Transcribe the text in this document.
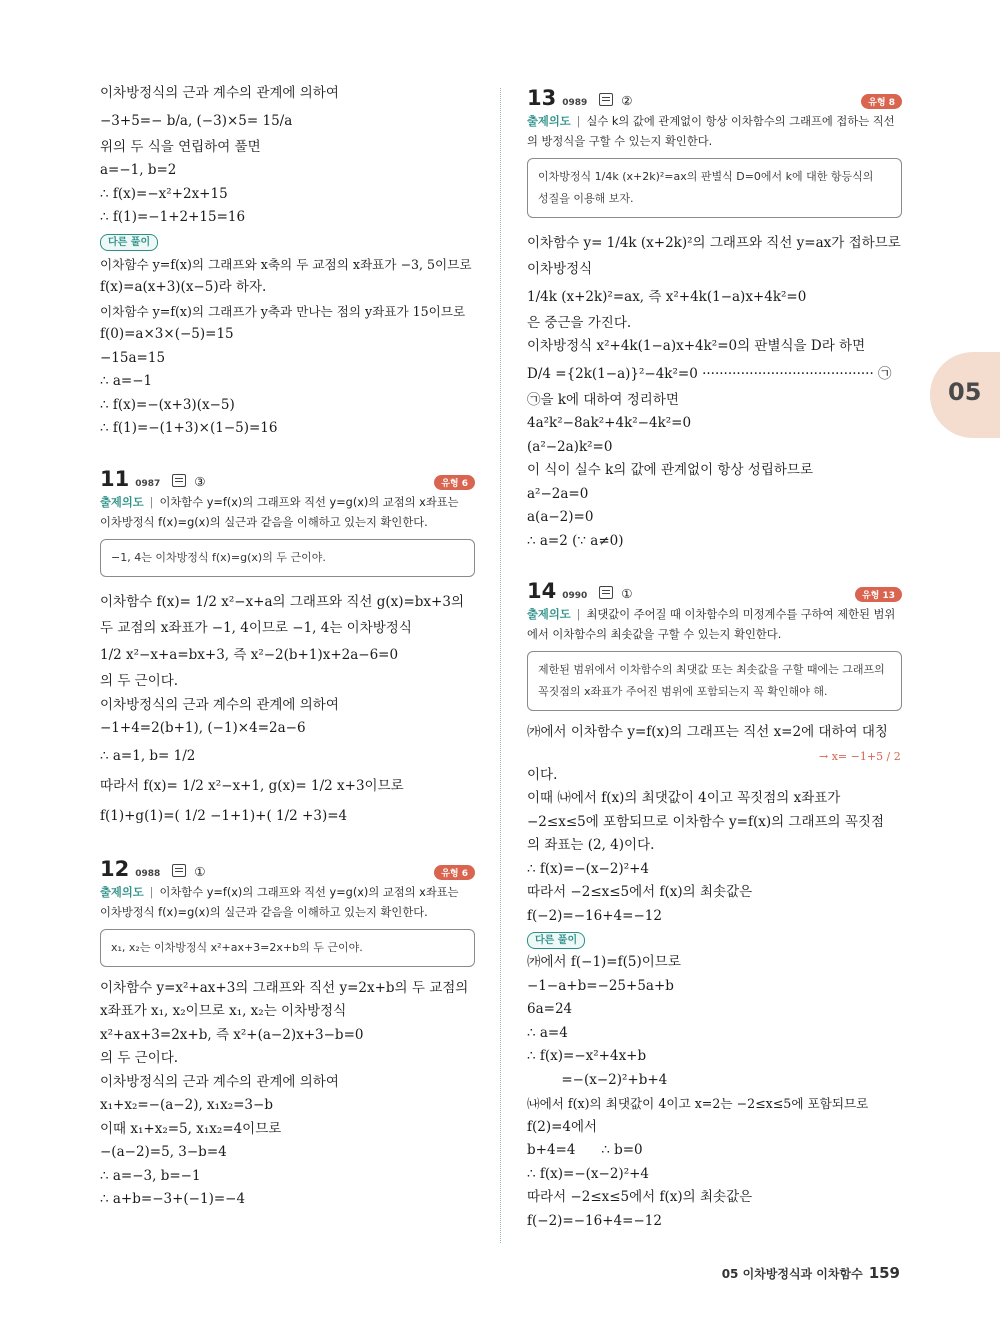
이차방정식의 근과 계수의 관계에 의하여
−3+5=− b/a, (−3)×5= 15/a
위의 두 식을 연립하여 풀면
a=−1, b=2
∴ f(x)=−x²+2x+15
∴ f(1)=−1+2+15=16
다른 풀이
이차함수 y=f(x)의 그래프와 x축의 두 교점의 x좌표가 −3, 5이므로
f(x)=a(x+3)(x−5)라 하자.
이차함수 y=f(x)의 그래프가 y축과 만나는 점의 y좌표가 15이므로
f(0)=a×3×(−5)=15
−15a=15
∴ a=−1
∴ f(x)=−(x+3)(x−5)
∴ f(1)=−(1+3)×(1−5)=16
11 0987	③	유형 6
출제의도 | 이차함수 y=f(x)의 그래프와 직선 y=g(x)의 교점의 x좌표는
이차방정식 f(x)=g(x)의 실근과 같음을 이해하고 있는지 확인한다.
−1, 4는 이차방정식 f(x)=g(x)의 두 근이야.
이차함수 f(x)= 1/2 x²−x+a의 그래프와 직선 g(x)=bx+3의
두 교점의 x좌표가 −1, 4이므로 −1, 4는 이차방정식
1/2 x²−x+a=bx+3, 즉 x²−2(b+1)x+2a−6=0
의 두 근이다.
이차방정식의 근과 계수의 관계에 의하여
−1+4=2(b+1), (−1)×4=2a−6
∴ a=1, b= 1/2
따라서 f(x)= 1/2 x²−x+1, g(x)= 1/2 x+3이므로
f(1)+g(1)=( 1/2 −1+1)+( 1/2 +3)=4
12 0988	①	유형 6
출제의도 | 이차함수 y=f(x)의 그래프와 직선 y=g(x)의 교점의 x좌표는
이차방정식 f(x)=g(x)의 실근과 같음을 이해하고 있는지 확인한다.
x₁, x₂는 이차방정식 x²+ax+3=2x+b의 두 근이야.
이차함수 y=x²+ax+3의 그래프와 직선 y=2x+b의 두 교점의
x좌표가 x₁, x₂이므로 x₁, x₂는 이차방정식
x²+ax+3=2x+b, 즉 x²+(a−2)x+3−b=0
의 두 근이다.
이차방정식의 근과 계수의 관계에 의하여
x₁+x₂=−(a−2), x₁x₂=3−b
이때 x₁+x₂=5, x₁x₂=4이므로
−(a−2)=5, 3−b=4
∴ a=−3, b=−1
∴ a+b=−3+(−1)=−4
13 0989	②	유형 8
출제의도 | 실수 k의 값에 관계없이 항상 이차함수의 그래프에 접하는 직선
의 방정식을 구할 수 있는지 확인한다.
이차방정식 1/4k (x+2k)²=ax의 판별식 D=0에서 k에 대한 항등식의
성질을 이용해 보자.
이차함수 y= 1/4k (x+2k)²의 그래프와 직선 y=ax가 접하므로
이차방정식
1/4k (x+2k)²=ax, 즉 x²+4k(1−a)x+4k²=0
은 중근을 가진다.
이차방정식 x²+4k(1−a)x+4k²=0의 판별식을 D라 하면
D/4 ={2k(1−a)}²−4k²=0 ········································ ㉠
㉠을 k에 대하여 정리하면
4a²k²−8ak²+4k²−4k²=0
(a²−2a)k²=0
이 식이 실수 k의 값에 관계없이 항상 성립하므로
a²−2a=0
a(a−2)=0
∴ a=2 (∵ a≠0)
14 0990	①	유형 13
출제의도 | 최댓값이 주어질 때 이차함수의 미정계수를 구하여 제한된 범위
에서 이차함수의 최솟값을 구할 수 있는지 확인한다.
제한된 범위에서 이차함수의 최댓값 또는 최솟값을 구할 때에는 그래프의
꼭짓점의 x좌표가 주어진 범위에 포함되는지 꼭 확인해야 해.
㈎에서 이차함수 y=f(x)의 그래프는 직선 x=2에 대하여 대칭
→ x= −1+5 / 2
이다.
이때 ㈏에서 f(x)의 최댓값이 4이고 꼭짓점의 x좌표가
−2≤x≤5에 포함되므로 이차함수 y=f(x)의 그래프의 꼭짓점
의 좌표는 (2, 4)이다.
∴ f(x)=−(x−2)²+4
따라서 −2≤x≤5에서 f(x)의 최솟값은
f(−2)=−16+4=−12
다른 풀이
㈎에서 f(−1)=f(5)이므로
−1−a+b=−25+5a+b
6a=24
∴ a=4
∴ f(x)=−x²+4x+b
=−(x−2)²+b+4
㈏에서 f(x)의 최댓값이 4이고 x=2는 −2≤x≤5에 포함되므로
f(2)=4에서
b+4=4      ∴ b=0
∴ f(x)=−(x−2)²+4
따라서 −2≤x≤5에서 f(x)의 최솟값은
f(−2)=−16+4=−12
05
05 이차방정식과 이차함수 159
